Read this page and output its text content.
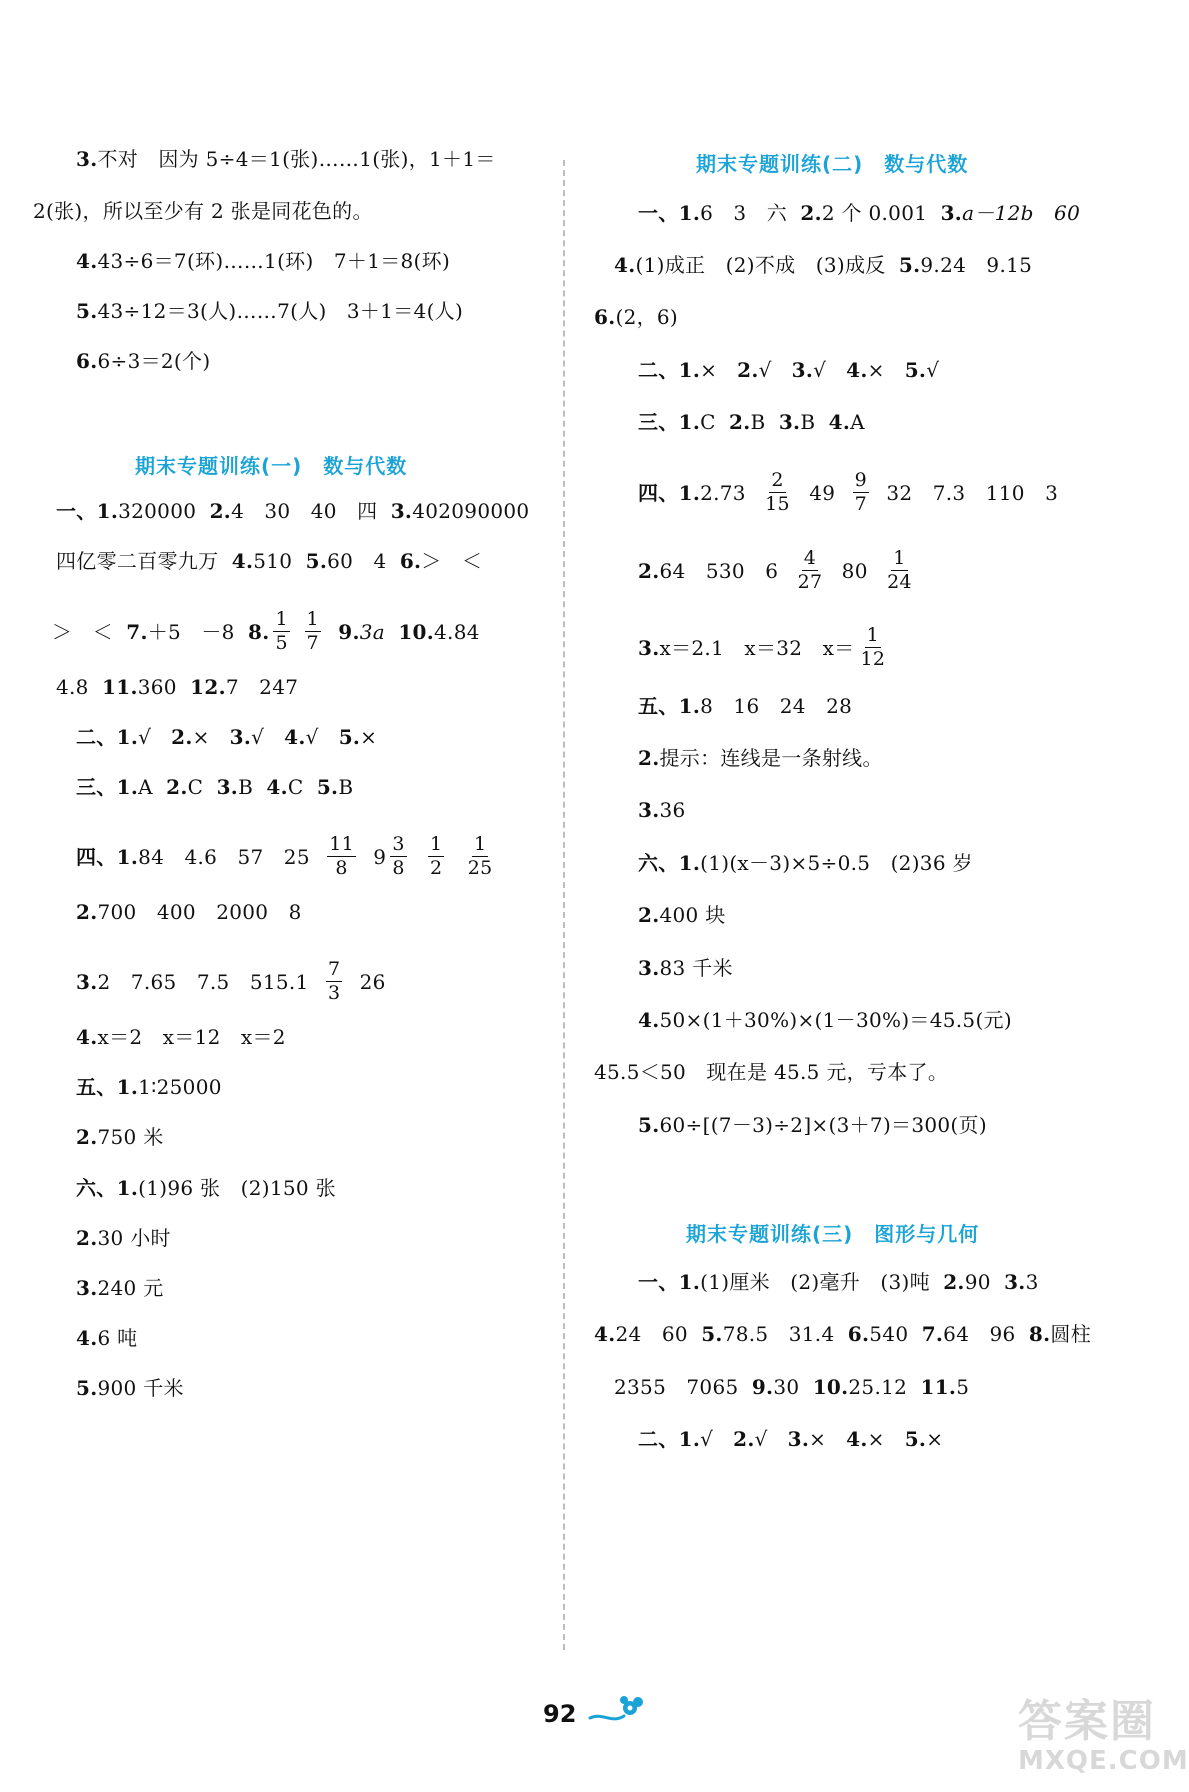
3.不对　因为 5÷4＝1(张)……1(张)，1＋1＝
2(张)，所以至少有 2 张是同花色的。
4.43÷6＝7(环)……1(环)　7＋1＝8(环)
5.43÷12＝3(人)……7(人)　3＋1＝4(人)
6.6÷3＝2(个)
期末专题训练(一)　数与代数
一、1.320000 2.4　30　40　四 3.402090000
四亿零二百零九万 4.510 5.60　4 6.＞　＜
＞　＜ 7.＋5　－8 8. $\frac{1}{5}$
$\frac{1}{7} 9.3a$ 10.4.84
4.8 11.360 12.7　247
二、1.√ 2.× 3.√ 4.√ 5.×
三、1.A 2.C 3.B 4.C 5.B
四、1.84　4.6　57　$25 \frac{11}{8} 9 \frac{3}{8}$
$\frac{1}{2}$
$\frac{1}{25}$
2.700　400　2000　8
3.2　7.65　7.5　$515.1 \frac{7}{3} 26$
4.x＝2　x＝12　x＝2
五、1.1∶25000
2.750 米
六、1.(1)96 张　(2)150 张
2.30 小时
3.240 元
4.6 吨
5.900 千米
期末专题训练(二)　数与代数
一、1.6　3　六 2.2 个 0.001 3.a－12b　60
4.(1)成正　(2)不成　(3)成反 5.9.24　9.15
6.(2，6)
二、1.× 2.√ 3.√ 4.× 5.√
三、1.C 2.B 3.B 4.A
四、$1.2.73 \frac{2}{15} 49 \frac{9}{7} 32$　7.3　110　3
2.64　530　$6 \frac{4}{27} 80 \frac{1}{24}$
3.x＝2.1　x＝32　$x= \frac{1}{12}$
五、1.8　16　24　28
2.提示：连线是一条射线。
3.36
六、1.(1)(x－3)×5÷0.5　(2)36 岁
2.400 块
3.83 千米
4.50×(1＋30%)×(1－30%)＝45.5(元)
45.5＜50　现在是 45.5 元，亏本了。
5.60÷[(7－3)÷2]×(3＋7)＝300(页)
期末专题训练(三)　图形与几何
一、1.(1)厘米　(2)毫升　(3)吨 2.90 3.3
4.24　60 5.78.5　31.4 6.540 7.64　96 8.圆柱
2355　7065 9.30 10.25.12 11.5
二、1.√ 2.√ 3.× 4.× 5.×
92	答案圈
MXQE.COM
